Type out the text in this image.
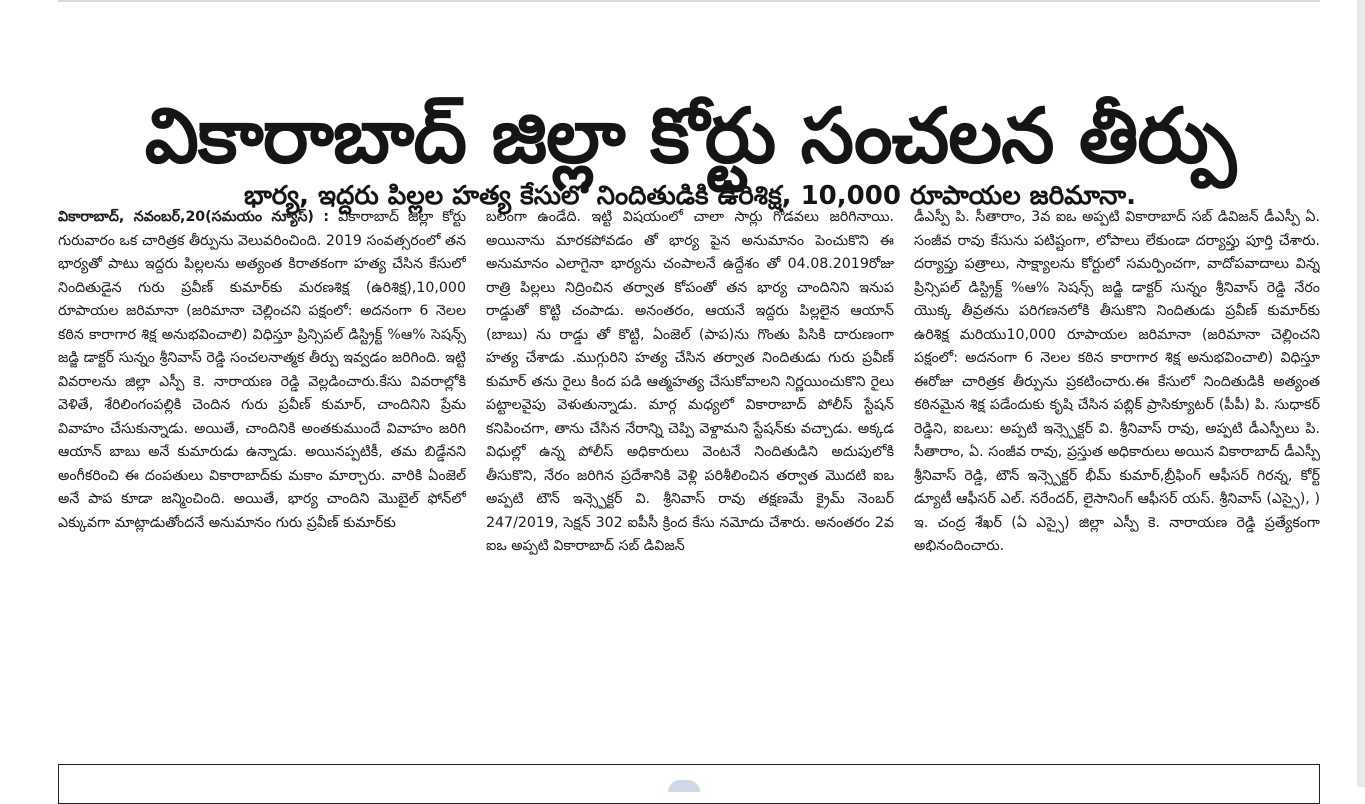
వికారాబాద్ జిల్లా కోర్టు సంచలన తీర్పు
భార్య, ఇద్దరు పిల్లల హత్య కేసులో నిందితుడికి ఉరిశిక్ష, 10,000 రూపాయల జరిమానా.
వికారాబాద్, నవంబర్,20(సమయం న్యూస్) : వికారాబాద్ జిల్లా కోర్టు గురువారం ఒక చారిత్రక తీర్పును వెలువరించింది. 2019 సంవత్సరంలో తన భార్యతో పాటు ఇద్దరు పిల్లలను అత్యంత కిరాతకంగా హత్య చేసిన కేసులో నిందితుడైన గురు ప్రవీణ్ కుమార్‌కు మరణశిక్ష (ఉరిశిక్ష),10,000 రూపాయల జరిమానా (జరిమానా చెల్లించని పక్షంలో: అదనంగా 6 నెలల కఠిన కారాగార శిక్ష అనుభవించాలి) విధిస్తూ ప్రిన్సిపల్ డిస్ట్రిక్ట్ %ఆ% సెషన్స్ జడ్జి డాక్టర్ సున్నం శ్రీనివాస్ రెడ్డి సంచలనాత్మక తీర్పు ఇవ్వడం జరిగింది. ఇట్టి వివరాలను జిల్లా ఎస్పీ కె. నారాయణ రెడ్డి వెల్లడించారు.కేసు వివరాల్లోకి వెళితే, శేరిలింగంపల్లికి చెందిన గురు ప్రవీణ్ కుమార్, చాందినిని ప్రేమ వివాహం చేసుకున్నాడు. అయితే, చాందినికి అంతకుముందే వివాహం జరిగి ఆయాన్ బాబు అనే కుమారుడు ఉన్నాడు. అయినప్పటికీ, తమ బిడ్డేనని అంగీకరించి ఈ దంపతులు వికారాబాద్‌కు మకాం మార్చారు. వారికి ఏంజెల్ అనే పాప కూడా జన్మించింది. అయితే, భార్య చాందిని మొబైల్ ఫోన్‌లో ఎక్కువగా మాట్లాడుతోందనే అనుమానం గురు ప్రవీణ్ కుమార్‌కు
బలంగా ఉండేది. ఇట్టి విషయంలో చాలా సార్లు గొడవలు జరిగినాయి. అయినాను మారకపోవడం తో భార్య పైన అనుమానం పెంచుకొని ఈ అనుమానం ఎలాగైనా భార్యను చంపాలనే ఉద్దేశం తో 04.08.2019రోజు రాత్రి పిల్లలు నిద్రించిన తర్వాత కోపంతో తన భార్య చాందినిని ఇనుప రాడ్డుతో కొట్టి చంపాడు. అనంతరం, ఆయనే ఇద్దరు పిల్లలైన ఆయాన్ (బాబు) ను రాడ్డు తో కొట్టి, ఏంజెల్ (పాప)ను గొంతు పిసికి దారుణంగా హత్య చేశాడు .ముగ్గురిని హత్య చేసిన తర్వాత నిందితుడు గురు ప్రవీణ్ కుమార్ తను రైలు కింద పడి ఆత్మహత్య చేసుకోవాలని నిర్ణయించుకొని రైలు పట్టాలవైపు వెళుతున్నాడు. మార్గ మధ్యలో వికారాబాద్ పోలీస్ స్టేషన్ కనిపించగా, తాను చేసిన నేరాన్ని చెప్పి వెళ్దామని స్టేషన్‌కు వచ్చాడు. అక్కడ విధుల్లో ఉన్న పోలీస్ అధికారులు వెంటనే నిందితుడిని అదుపులోకి తీసుకొని, నేరం జరిగిన ప్రదేశానికి వెళ్లి పరిశీలించిన తర్వాత మొదటి ఐఒ అప్పటి టౌన్ ఇన్స్పెక్టర్ వి. శ్రీనివాస్ రావు తక్షణమే క్రైమ్ నెంబర్ 247/2019, సెక్షన్ 302 ఐపీసీ క్రింద కేసు నమోదు చేశారు. అనంతరం 2వ ఐఒ అప్పటి వికారాబాద్ సబ్ డివిజన్
డీఎస్పీ పి. సీతారాం, 3వ ఐఒ అప్పటి వికారాబాద్ సబ్ డివిజన్ డీఎస్పీ ఏ. సంజీవ రావు కేసును పటిష్టంగా, లోపాలు లేకుండా దర్యాప్తు పూర్తి చేశారు. దర్యాప్తు పత్రాలు, సాక్ష్యాలను కోర్టులో సమర్పించగా, వాదోపవాదాలు విన్న ప్రిన్సిపల్ డిస్ట్రిక్ట్ %ఆ% సెషన్స్ జడ్జి డాక్టర్ సున్నం శ్రీనివాస్ రెడ్డి నేరం యొక్క తీవ్రతను పరిగణనలోకి తీసుకొని నిందితుడు ప్రవీణ్ కుమార్‌కు ఉరిశిక్ష మరియు10,000 రూపాయల జరిమానా (జరిమానా చెల్లించని పక్షంలో: అదనంగా 6 నెలల కఠిన కారాగార శిక్ష అనుభవించాలి) విధిస్తూ ఈరోజు చారిత్రక తీర్పును ప్రకటించారు.ఈ కేసులో నిందితుడికి అత్యంత కఠినమైన శిక్ష పడేందుకు కృషి చేసిన పబ్లిక్ ప్రాసిక్యూటర్ (పీపీ) పి. సుధాకర్ రెడ్డిని, ఐఒలు: అప్పటి ఇన్స్పెక్టర్ వి. శ్రీనివాస్ రావు, అప్పటి డీఎస్పీలు పి. సీతారాం, ఏ. సంజీవ రావు, ప్రస్తుత అధికారులు అయిన వికారాబాద్ డీఎస్పీ శ్రీనివాస్ రెడ్డి, టౌన్ ఇన్స్పెక్టర్ భీమ్ కుమార్,బ్రీఫింగ్ ఆఫీసర్ గిరన్న, కోర్ట్ డ్యూటీ ఆఫీసర్ ఎల్. నరేందర్, లైసానింగ్ ఆఫీసర్ యస్. శ్రీనివాస్ (ఎస్సై), ) ఇ. చంద్ర శేఖర్ (ఏ ఎస్సై) జిల్లా ఎస్పీ కె. నారాయణ రెడ్డి ప్రత్యేకంగా అభినందించారు.
